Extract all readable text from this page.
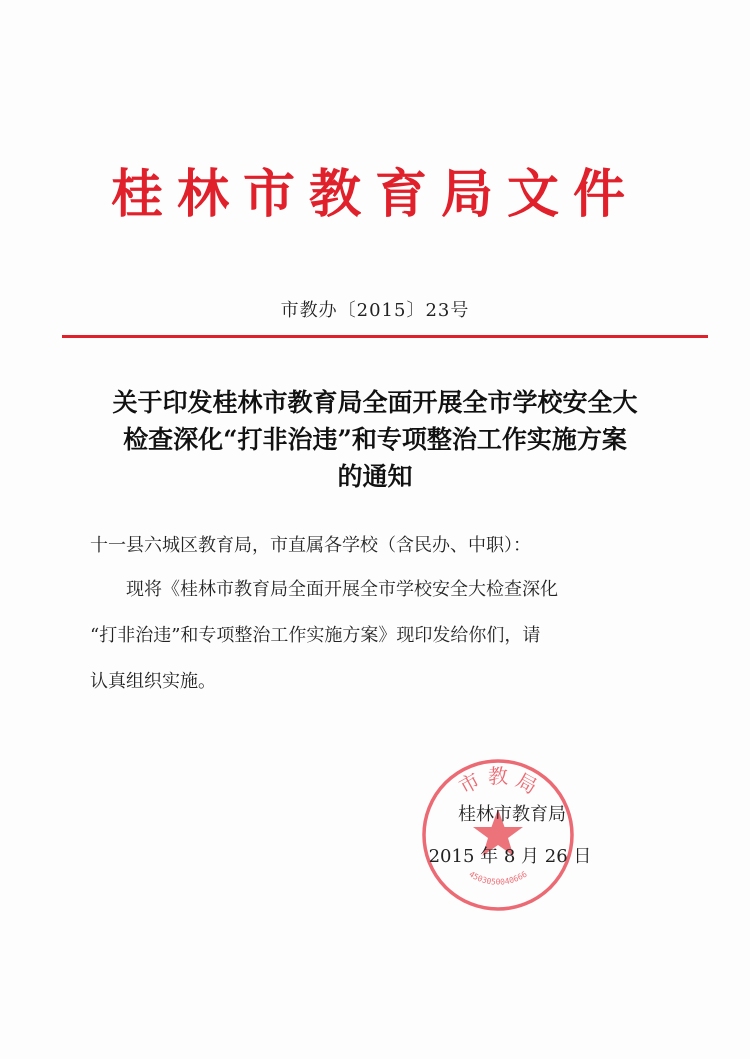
桂林市教育局文件
市教办〔2015〕23号
关于印发桂林市教育局全面开展全市学校安全大
检查深化“打非治违”和专项整治工作实施方案
的通知
十一县六城区教育局，市直属各学校（含民办、中职）：
现将《桂林市教育局全面开展全市学校安全大检查深化
“打非治违”和专项整治工作实施方案》现印发给你们，请
认真组织实施。
市 教 局
4503050040666
桂林市教育局
2015 年 8 月 26 日
